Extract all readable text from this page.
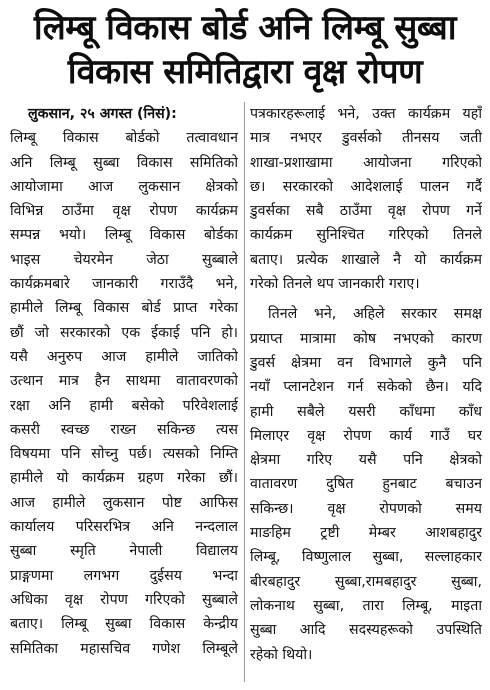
लिम्बू विकास बोर्ड अनि लिम्बू सुब्बा
विकास समितिद्वारा वृक्ष रोपण
लुकसान, २५ अगस्त (निसं):
लिम्बू विकास बोर्डको तत्वावधान
अनि लिम्बू सुब्बा विकास समितिको
आयोजामा आज लुकसान क्षेत्रको
विभिन्न ठाउँमा वृक्ष रोपण कार्यक्रम
सम्पन्न भयो। लिम्बू विकास बोर्डका
भाइस चेयरमेन जेठा सुब्बाले
कार्यक्रमबारे जानकारी गराउँदै भने,
हामीले लिम्बू विकास बोर्ड प्राप्त गरेका
छौं जो सरकारको एक ईकाई पनि हो।
यसै अनुरुप आज हामीले जातिको
उत्थान मात्र हैन साथमा वातावरणको
रक्षा अनि हामी बसेको परिवेशलाई
कसरी स्वच्छ राख्न सकिन्छ त्यस
विषयमा पनि सोच्नु पर्छ। त्यसको निम्ति
हामीले यो कार्यक्रम ग्रहण गरेका छौं।
आज हामीले लुकसान पोष्ट आफिस
कार्यालय परिसरभित्र अनि नन्दलाल
सुब्बा स्मृति नेपाली विद्यालय
प्राङ्गणमा लगभग दुईसय भन्दा
अधिका वृक्ष रोपण गरिएको सुब्बाले
बताए। लिम्बू सुब्बा विकास केन्द्रीय
समितिका महासचिव गणेश लिम्बूले
पत्रकारहरूलाई भने, उक्त कार्यक्रम यहाँ
मात्र नभएर डुवर्सको तीनसय जती
शाखा-प्रशाखामा आयोजना गरिएको
छ। सरकारको आदेशलाई पालन गर्दै
डुवर्सका सबै ठाउँमा वृक्ष रोपण गर्ने
कार्यक्रम सुनिश्चित गरिएको तिनले
बताए। प्रत्येक शाखाले नै यो कार्यक्रम
गरेको तिनले थप जानकारी गराए।
तिनले भने, अहिले सरकार समक्ष
प्रयाप्त मात्रामा कोष नभएको कारण
डुवर्स क्षेत्रमा वन विभागले कुनै पनि
नयाँ प्लानटेशन गर्न सकेको छैन। यदि
हामी सबैले यसरी काँधमा काँध
मिलाएर वृक्ष रोपण कार्य गाउँ घर
क्षेत्रमा गरिए यसै पनि क्षेत्रको
वातावरण दुषित हुनबाट बचाउन
सकिन्छ। वृक्ष रोपणको समय
माङहिम ट्रष्टी मेम्बर आशबहादुर
लिम्बू, विष्णुलाल सुब्बा, सल्लाहकार
बीरबहादुर सुब्बा,रामबहादुर सुब्बा,
लोकनाथ सुब्बा, तारा लिम्बू, माइता
सुब्बा आदि सदस्यहरूको उपस्थिति
रहेको थियो।
